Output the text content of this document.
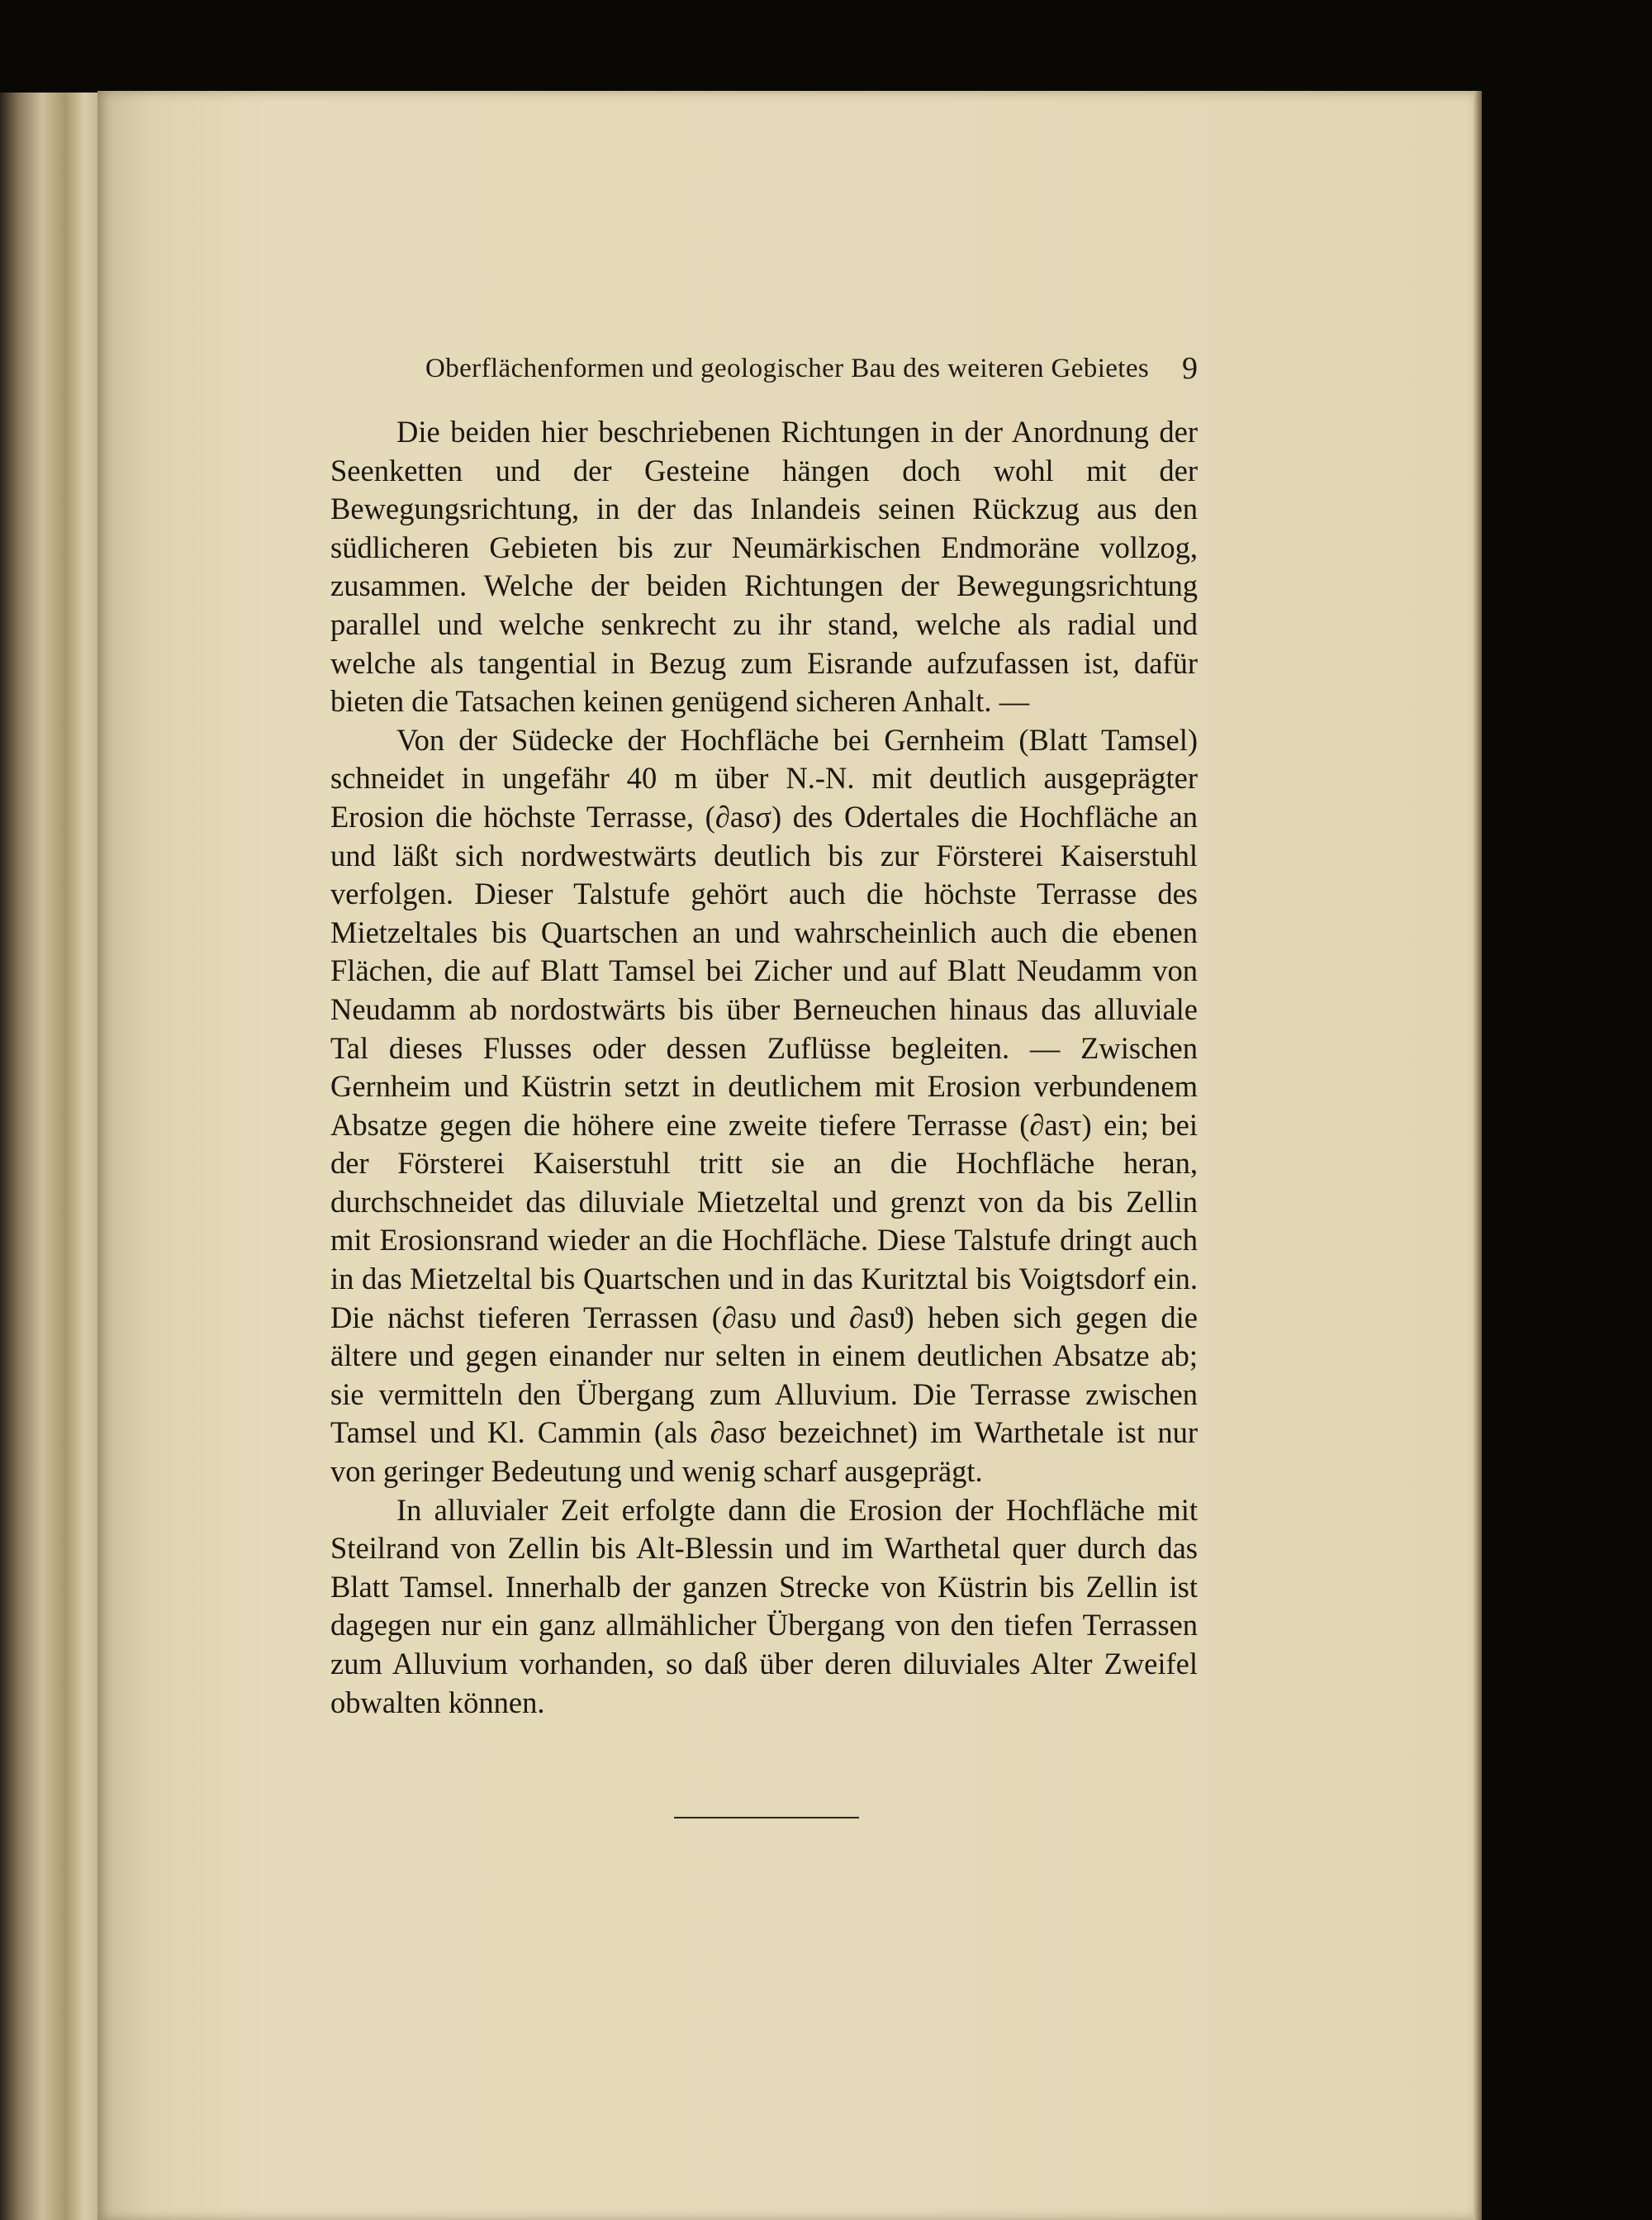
Oberflächenformen und geologischer Bau des weiteren Gebietes 9

Die beiden hier beschriebenen Richtungen in der Anordnung der Seenketten und der Gesteine hängen doch wohl mit der Bewegungsrichtung, in der das Inlandeis seinen Rückzug aus den südlicheren Gebieten bis zur Neumärkischen Endmoräne vollzog, zusammen. Welche der beiden Richtungen der Bewegungsrichtung parallel und welche senkrecht zu ihr stand, welche als radial und welche als tangential in Bezug zum Eisrande aufzufassen ist, dafür bieten die Tatsachen keinen genügend sicheren Anhalt. —

Von der Südecke der Hochfläche bei Gernheim (Blatt Tamsel) schneidet in ungefähr 40 m über N.-N. mit deutlich ausgeprägter Erosion die höchste Terrasse, (∂asσ) des Odertales die Hochfläche an und läßt sich nordwestwärts deutlich bis zur Försterei Kaiserstuhl verfolgen. Dieser Talstufe gehört auch die höchste Terrasse des Mietzeltales bis Quartschen an und wahrscheinlich auch die ebenen Flächen, die auf Blatt Tamsel bei Zicher und auf Blatt Neudamm von Neudamm ab nordostwärts bis über Berneuchen hinaus das alluviale Tal dieses Flusses oder dessen Zuflüsse begleiten. — Zwischen Gernheim und Küstrin setzt in deutlichem mit Erosion verbundenem Absatze gegen die höhere eine zweite tiefere Terrasse (∂asτ) ein; bei der Försterei Kaiserstuhl tritt sie an die Hochfläche heran, durchschneidet das diluviale Mietzeltal und grenzt von da bis Zellin mit Erosionsrand wieder an die Hochfläche. Diese Talstufe dringt auch in das Mietzeltal bis Quartschen und in das Kuritztal bis Voigtsdorf ein. Die nächst tieferen Terrassen (∂asυ und ∂asϑ) heben sich gegen die ältere und gegen einander nur selten in einem deutlichen Absatze ab; sie vermitteln den Übergang zum Alluvium. Die Terrasse zwischen Tamsel und Kl. Cammin (als ∂asσ bezeichnet) im Warthetale ist nur von geringer Bedeutung und wenig scharf ausgeprägt.

In alluvialer Zeit erfolgte dann die Erosion der Hochfläche mit Steilrand von Zellin bis Alt-Blessin und im Warthetal quer durch das Blatt Tamsel. Innerhalb der ganzen Strecke von Küstrin bis Zellin ist dagegen nur ein ganz allmählicher Übergang von den tiefen Terrassen zum Alluvium vorhanden, so daß über deren diluviales Alter Zweifel obwalten können.
